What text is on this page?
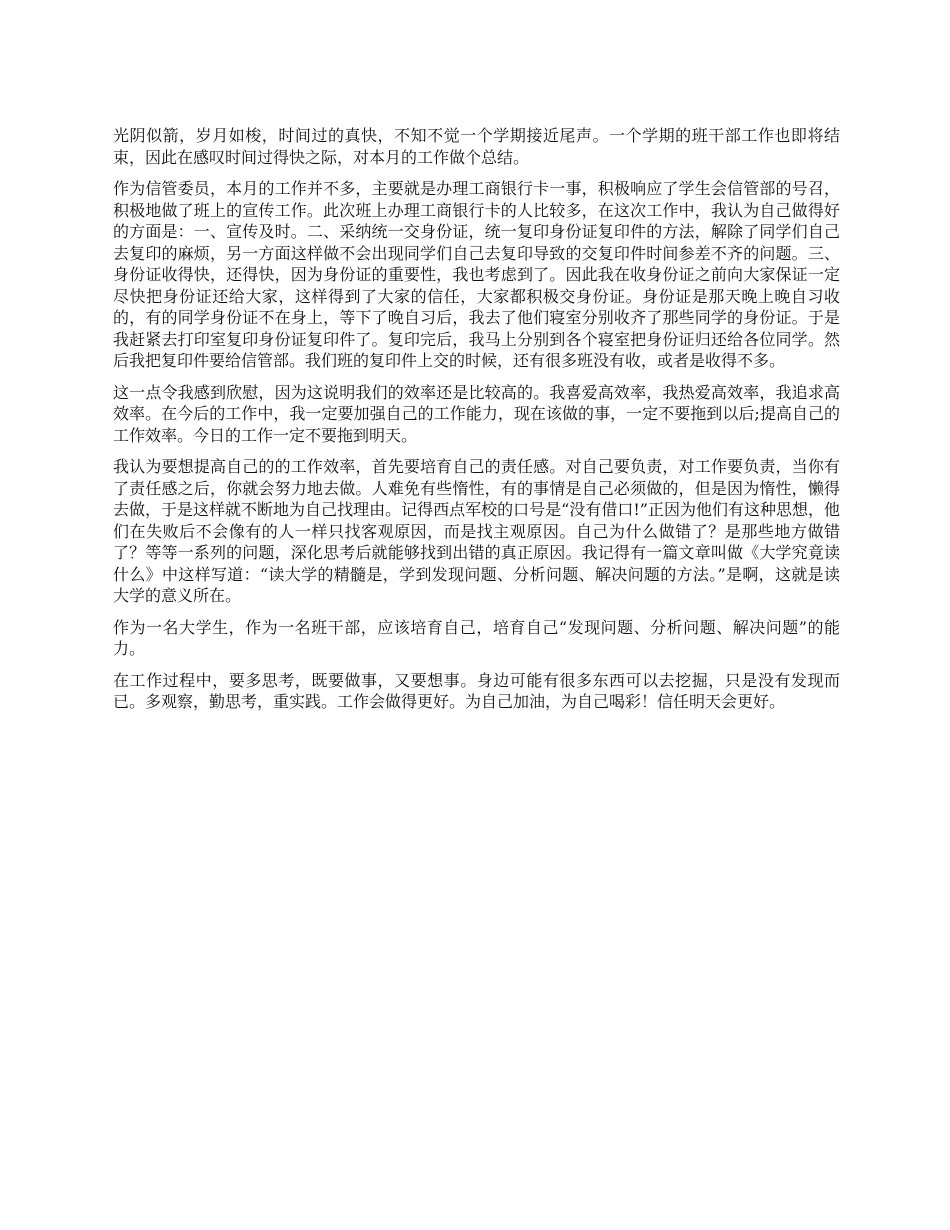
光阴似箭，岁月如梭，时间过的真快，不知不觉一个学期接近尾声。一个学期的班干部工作也即将结束，因此在感叹时间过得快之际，对本月的工作做个总结。

作为信管委员，本月的工作并不多，主要就是办理工商银行卡一事，积极响应了学生会信管部的号召，积极地做了班上的宣传工作。此次班上办理工商银行卡的人比较多，在这次工作中，我认为自己做得好的方面是：一、宣传及时。二、采纳统一交身份证，统一复印身份证复印件的方法，解除了同学们自己去复印的麻烦，另一方面这样做不会出现同学们自己去复印导致的交复印件时间参差不齐的问题。三、身份证收得快，还得快，因为身份证的重要性，我也考虑到了。因此我在收身份证之前向大家保证一定尽快把身份证还给大家，这样得到了大家的信任，大家都积极交身份证。身份证是那天晚上晚自习收的，有的同学身份证不在身上，等下了晚自习后，我去了他们寝室分别收齐了那些同学的身份证。于是我赶紧去打印室复印身份证复印件了。复印完后，我马上分别到各个寝室把身份证归还给各位同学。然后我把复印件要给信管部。我们班的复印件上交的时候，还有很多班没有收，或者是收得不多。

这一点令我感到欣慰，因为这说明我们的效率还是比较高的。我喜爱高效率，我热爱高效率，我追求高效率。在今后的工作中，我一定要加强自己的工作能力，现在该做的事，一定不要拖到以后;提高自己的工作效率。今日的工作一定不要拖到明天。

我认为要想提高自己的的工作效率，首先要培育自己的责任感。对自己要负责，对工作要负责，当你有了责任感之后，你就会努力地去做。人难免有些惰性，有的事情是自己必须做的，但是因为惰性，懒得去做，于是这样就不断地为自己找理由。记得西点军校的口号是“没有借口!”正因为他们有这种思想，他们在失败后不会像有的人一样只找客观原因，而是找主观原因。自己为什么做错了？是那些地方做错了？等等一系列的问题，深化思考后就能够找到出错的真正原因。我记得有一篇文章叫做《大学究竟读什么》中这样写道：“读大学的精髓是，学到发现问题、分析问题、解决问题的方法。”是啊，这就是读大学的意义所在。

作为一名大学生，作为一名班干部，应该培育自己，培育自己“发现问题、分析问题、解决问题”的能力。

在工作过程中，要多思考，既要做事，又要想事。身边可能有很多东西可以去挖掘，只是没有发现而已。多观察，勤思考，重实践。工作会做得更好。为自己加油，为自己喝彩！信任明天会更好。
